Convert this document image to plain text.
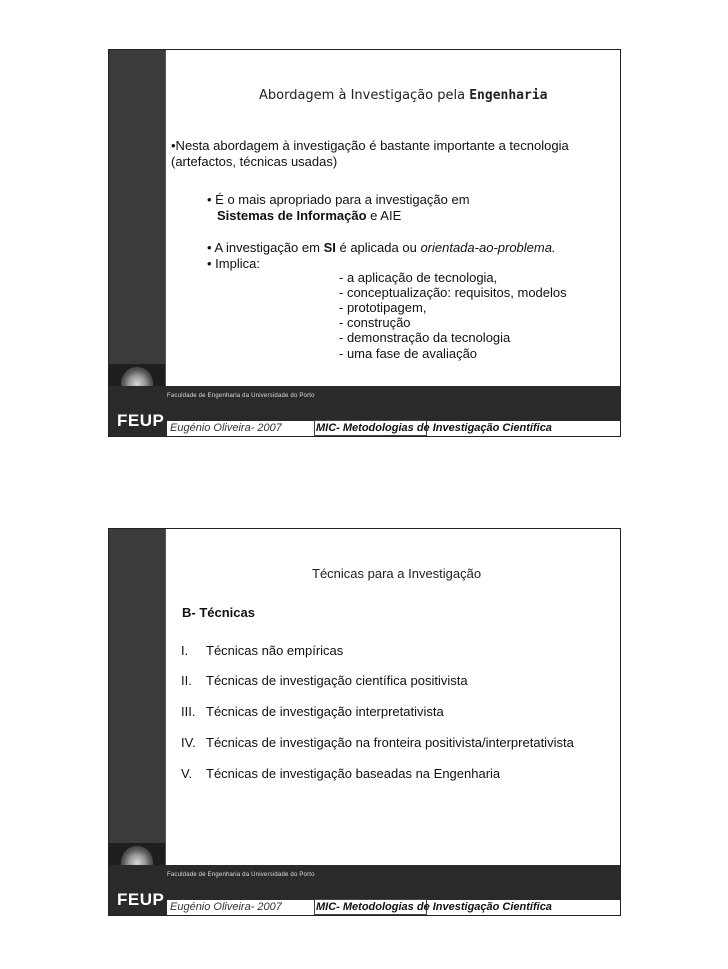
Faculdade de Engenharia da Universidade do Porto
FEUP Eugénio Oliveira- 2007	MIC- Metodologias de Investigação Científica
Abordagem à Investigação pela Engenharia
•Nesta abordagem à investigação é bastante importante a tecnologia
(artefactos, técnicas usadas)
• É o mais apropriado para a investigação em
Sistemas de Informação e AIE
• A investigação em SI é aplicada ou orientada-ao-problema.
• Implica:
- a aplicação de tecnologia,
- conceptualização: requisitos, modelos
- prototipagem,
- construção
- demonstração da tecnologia
- uma fase de avaliação
Faculdade de Engenharia da Universidade do Porto
FEUP Eugénio Oliveira- 2007	MIC- Metodologias de Investigação Científica
Técnicas para a Investigação
B- Técnicas
I. Técnicas não empíricas
II. Técnicas de investigação científica positivista
III. Técnicas de investigação interpretativista
IV. Técnicas de investigação na fronteira positivista/interpretativista
V. Técnicas de investigação baseadas na Engenharia
